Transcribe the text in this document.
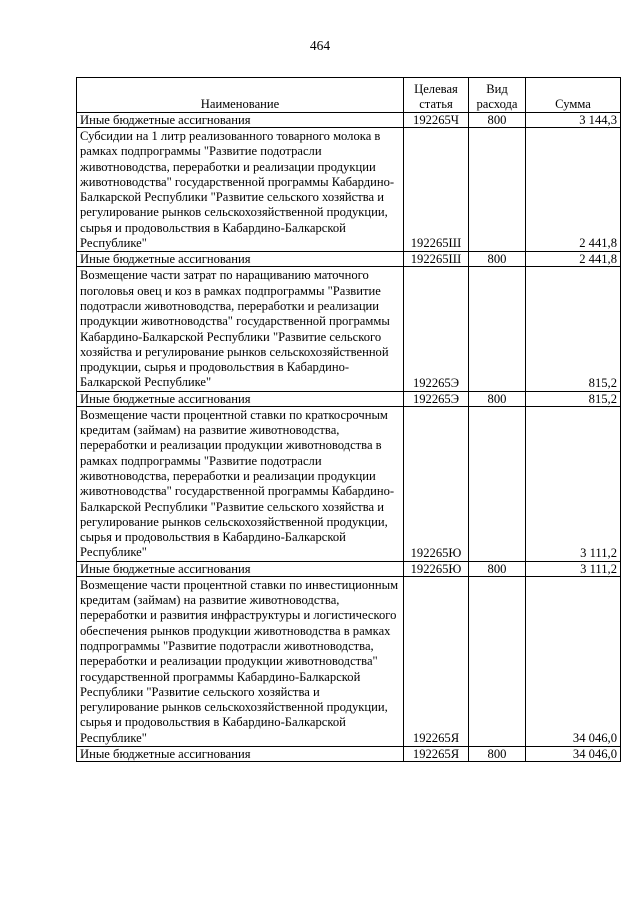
464
Наименование	Целевая статья	Вид расхода	Сумма
Иные бюджетные ассигнования	192265Ч	800	3 144,3
Субсидии на 1 литр реализованного товарного молока в рамках подпрограммы "Развитие подотрасли животноводства, переработки и реализации продукции животноводства" государственной программы Кабардино-Балкарской Республики "Развитие сельского хозяйства и регулирование рынков сельскохозяйственной продукции, сырья и продовольствия в Кабардино-Балкарской Республике"	192265Ш		2 441,8
Иные бюджетные ассигнования	192265Ш	800	2 441,8
Возмещение части затрат по наращиванию маточного поголовья овец и коз в рамках подпрограммы "Развитие подотрасли животноводства, переработки и реализации продукции животноводства" государственной программы Кабардино-Балкарской Республики "Развитие сельского хозяйства и регулирование рынков сельскохозяйственной продукции, сырья и продовольствия в Кабардино-Балкарской Республике"	192265Э		815,2
Иные бюджетные ассигнования	192265Э	800	815,2
Возмещение части процентной ставки по краткосрочным кредитам (займам) на развитие животноводства, переработки и реализации продукции животноводства в рамках подпрограммы "Развитие подотрасли животноводства, переработки и реализации продукции животноводства" государственной программы Кабардино-Балкарской Республики "Развитие сельского хозяйства и регулирование рынков сельскохозяйственной продукции, сырья и продовольствия в Кабардино-Балкарской Республике"	192265Ю		3 111,2
Иные бюджетные ассигнования	192265Ю	800	3 111,2
Возмещение части процентной ставки по инвестиционным кредитам (займам) на развитие животноводства, переработки и развития инфраструктуры и логистического обеспечения рынков продукции животноводства в рамках подпрограммы "Развитие подотрасли животноводства, переработки и реализации продукции животноводства" государственной программы Кабардино-Балкарской Республики "Развитие сельского хозяйства и регулирование рынков сельскохозяйственной продукции, сырья и продовольствия в Кабардино-Балкарской Республике"	192265Я		34 046,0
Иные бюджетные ассигнования	192265Я	800	34 046,0
